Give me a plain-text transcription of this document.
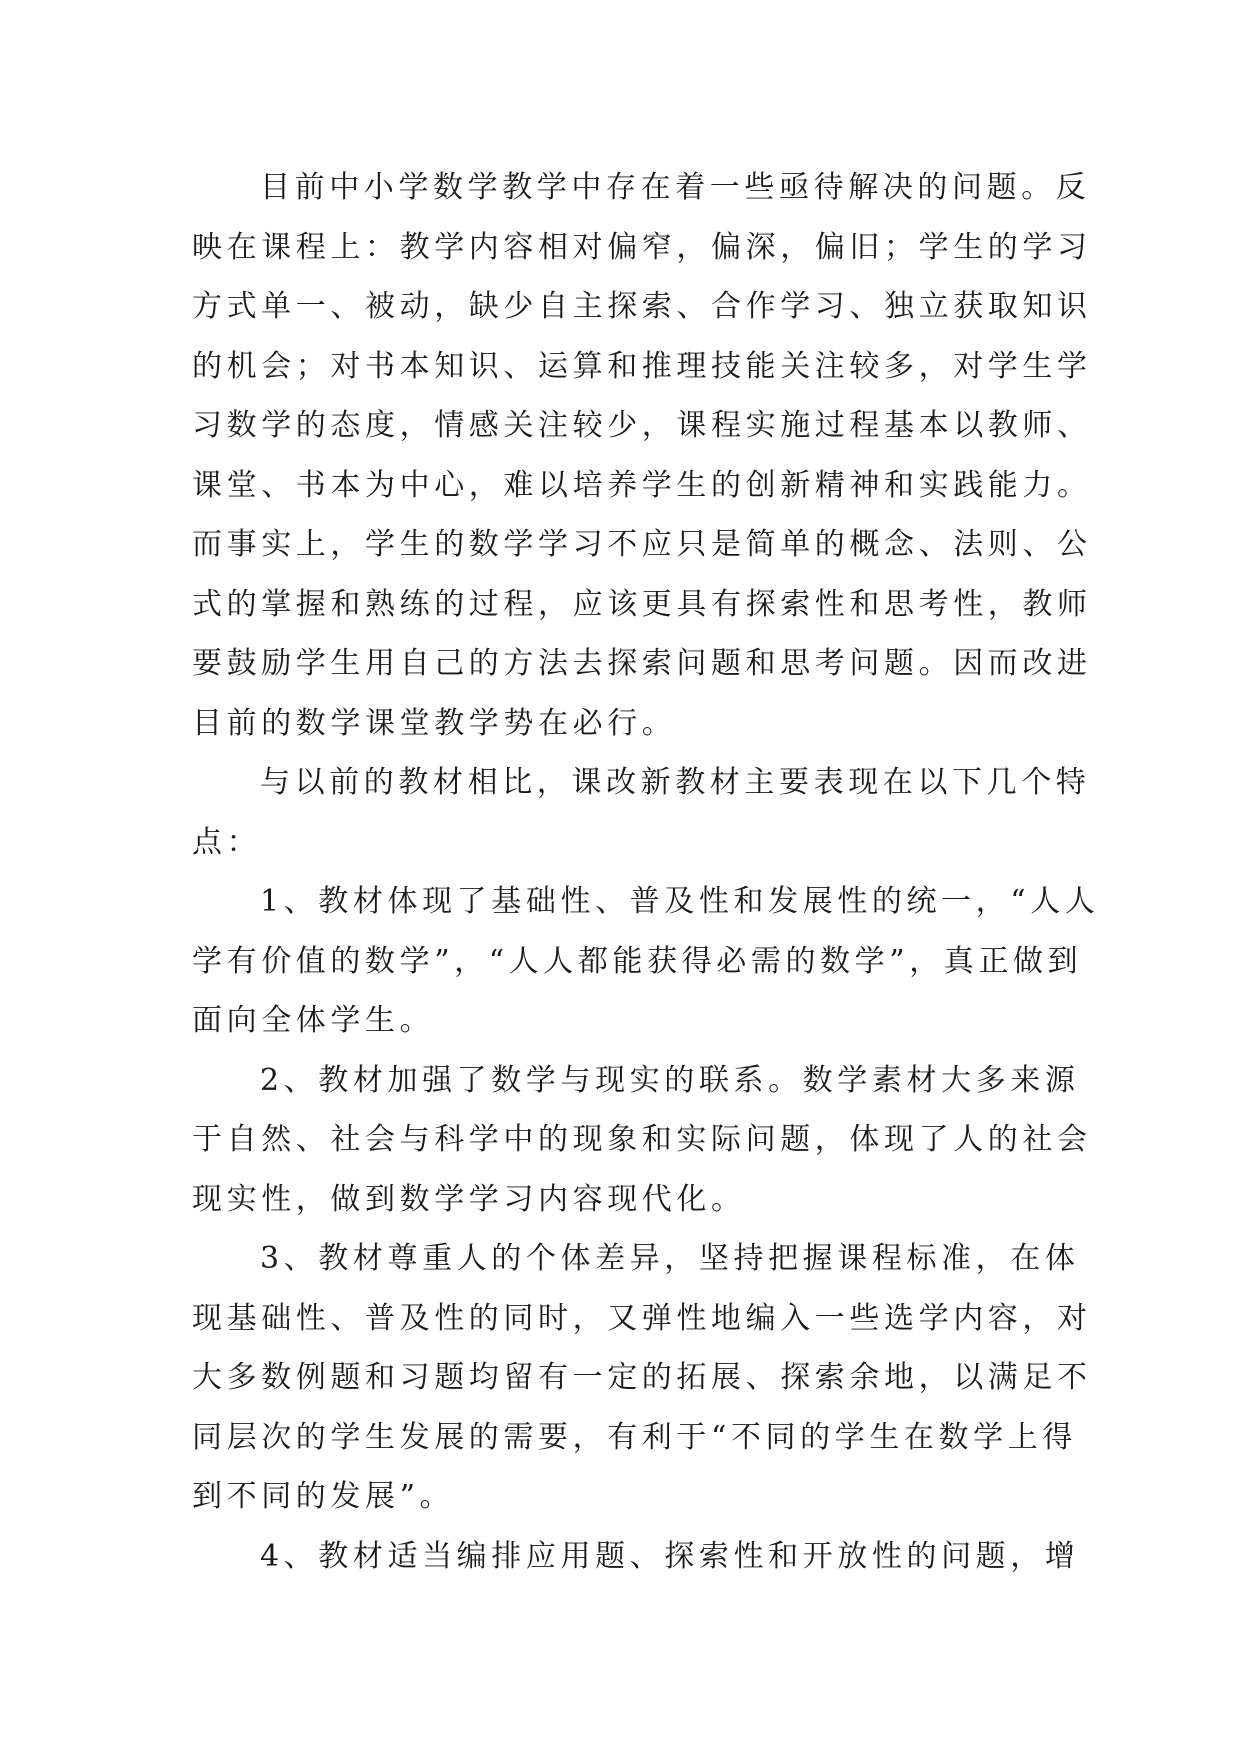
目前中小学数学教学中存在着一些亟待解决的问题。反
映在课程上：教学内容相对偏窄，偏深，偏旧；学生的学习
方式单一、被动，缺少自主探索、合作学习、独立获取知识
的机会；对书本知识、运算和推理技能关注较多，对学生学
习数学的态度，情感关注较少，课程实施过程基本以教师、
课堂、书本为中心，难以培养学生的创新精神和实践能力。
而事实上，学生的数学学习不应只是简单的概念、法则、公
式的掌握和熟练的过程，应该更具有探索性和思考性，教师
要鼓励学生用自己的方法去探索问题和思考问题。因而改进
目前的数学课堂教学势在必行。

与以前的教材相比，课改新教材主要表现在以下几个特
点：

1、教材体现了基础性、普及性和发展性的统一，“人人
学有价值的数学”，“人人都能获得必需的数学”，真正做到
面向全体学生。

2、教材加强了数学与现实的联系。数学素材大多来源
于自然、社会与科学中的现象和实际问题，体现了人的社会
现实性，做到数学学习内容现代化。

3、教材尊重人的个体差异，坚持把握课程标准，在体
现基础性、普及性的同时，又弹性地编入一些选学内容，对
大多数例题和习题均留有一定的拓展、探索余地，以满足不
同层次的学生发展的需要，有利于“不同的学生在数学上得
到不同的发展”。

4、教材适当编排应用题、探索性和开放性的问题，增
